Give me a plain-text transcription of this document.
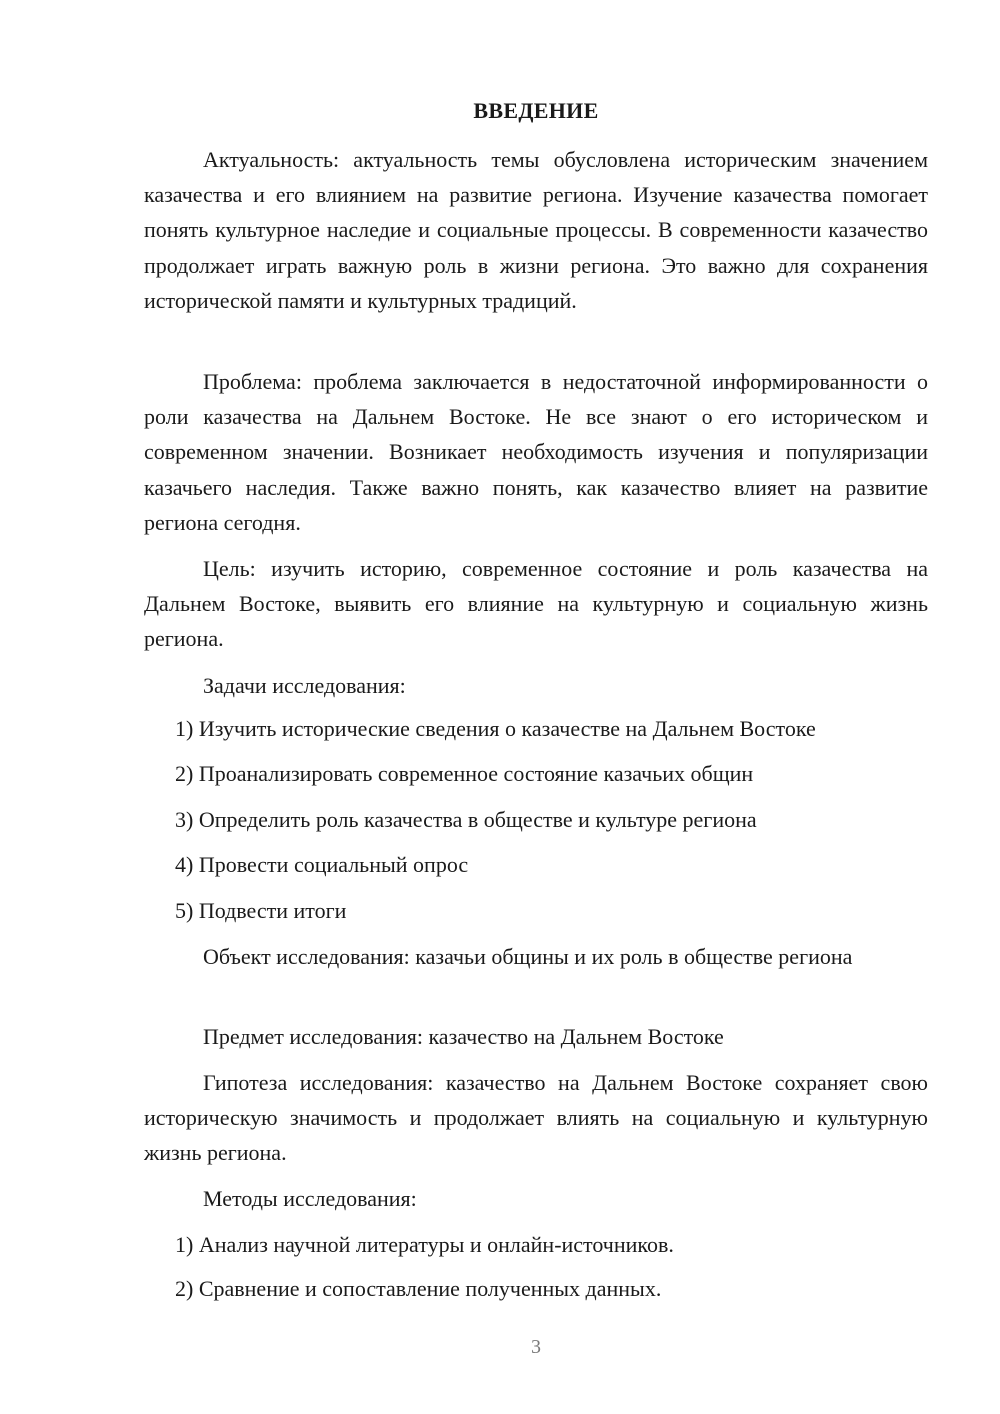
ВВЕДЕНИЕ

Актуальность: актуальность темы обусловлена историческим значением казачества и его влиянием на развитие региона. Изучение казачества помогает понять культурное наследие и социальные процессы. В современности казачество продолжает играть важную роль в жизни региона. Это важно для сохранения исторической памяти и культурных традиций.

Проблема: проблема заключается в недостаточной информированности о роли казачества на Дальнем Востоке. Не все знают о его историческом и современном значении. Возникает необходимость изучения и популяризации казачьего наследия. Также важно понять, как казачество влияет на развитие региона сегодня.

Цель: изучить историю, современное состояние и роль казачества на Дальнем Востоке, выявить его влияние на культурную и социальную жизнь региона.

Задачи исследования:

1) Изучить исторические сведения о казачестве на Дальнем Востоке

2) Проанализировать современное состояние казачьих общин

3) Определить роль казачества в обществе и культуре региона

4) Провести социальный опрос

5) Подвести итоги

Объект исследования: казачьи общины и их роль в обществе региона

Предмет исследования: казачество на Дальнем Востоке

Гипотеза исследования: казачество на Дальнем Востоке сохраняет свою историческую значимость и продолжает влиять на социальную и культурную жизнь региона.

Методы исследования:

1) Анализ научной литературы и онлайн-источников.

2) Сравнение и сопоставление полученных данных.

3
